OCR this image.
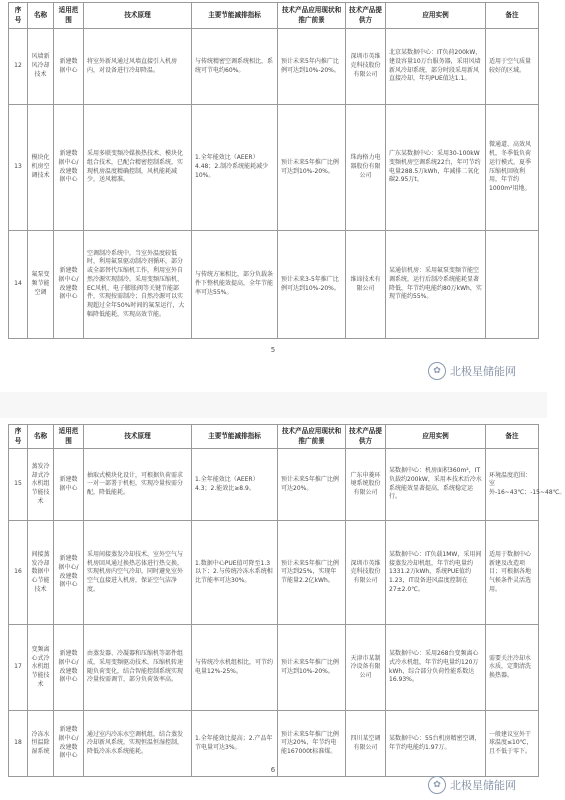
序号	名称	适用范围	技术原理	主要节能减排指标	技术产品应用现状和推广前景	技术产品提供方	应用实例	备注
12	风墙新风冷却技术	新建数据中心	将室外新风通过风墙直接引入机房内，对设备进行冷却降温。	与传统精密空调系统相比，系统可节电约60%。	预计未来5年内推广比例可达到10%-20%。	深圳市英维克科技股份有限公司	北京某数据中心：IT负荷200kW，建设容量10万台服务器，采用风墙新风冷却系统，部分时段采用新风直接冷却，年均PUE值达1.1。	适用于空气质量较好的区域。
13	模块化机房空调技术	新建数据中心/改建数据中心	采用多联变频冷媒换热技术、模块化组合技术，已配合精密控制系统，实现机房温度精确控制，风机能耗减少，送风精准。	1.全年能效比（AEER）4.48；2.制冷系统能耗减少10%。	预计未来5年推广比例可达到10%-20%。	珠海格力电器股份有限公司	广东某数据中心：采用30-100kW变频机房空调系统22台，年可节约电量288.5万kWh，年减排二氧化碳2.95万t。	微通道、高效风机，冬季低负荷运行模式，夏季压缩机回收利用，年节约1000m²用地。
14	氟泵变频节能空调	新建数据中心/改建数据中心	空调制冷系统中，当室外温度较低时，利用氟泵驱动制冷剂循环，部分或全部替代压缩机工作，利用室外自然冷源实现制冷。采用变频压缩机、EC风机、电子膨胀阀等关键节能部件，实现按需制冷；自然冷源可以实现超过全年50%时间的氟泵运行，大幅降低能耗，实现高效节能。	与传统方案相比，部分负载条件下整机能效提高，全年节能率可达55%。	预计未来3-5年推广比例可达到10%-20%。	维谛技术有限公司	某通信机房：采用氟泵变频节能空调系统，运行后制冷系统能耗显著降低，年节约电能约80万kWh，实现节能约55%。	
5
✿ 北极星储能网
序号	名称	适用范围	技术原理	主要节能减排指标	技术产品应用现状和推广前景	技术产品提供方	应用实例	备注
15	蒸发冷却式冷水机组节能技术	新建数据中心	抽取式模块化设计，可根据负荷需求一对一部署于机柜，实现冷量按需分配，降低能耗。	1.全年能效比（AEER）4.3；2.能效比≥8.9。	预计未来5年推广比例可达20%。	广东申菱环境系统股份有限公司	某数据中心：机房面积360m²，IT负载约200kW，采用本技术后冷水系统能效显著提高，系统稳定运行。	环境温度范围：室外-16~43℃；-15~48℃。
16	间接蒸发冷却数据中心节能技术	新建数据中心/改建数据中心	采用间接蒸发冷却技术，室外空气与机房回风通过换热芯体进行热交换，实现机房内空气冷却，同时避免室外空气直接进入机房，保证空气洁净度。	1.数据中心PUE值可降至1.3以下；2.与传统冷冻水系统相比节能率可达30%。	预计未来5年推广比例可达到25%，实现年节能量2.2亿kWh。	深圳市英维克科技股份有限公司	某数据中心：IT负载1MW，采用间接蒸发冷却机组，年节约电量约1331.2万kWh，系统PUE值约1.23，IT设备进风温度控制在27±2.0℃。	适用于数据中心新建及改造项目；可根据各地气候条件灵活选用。
17	变频离心式冷水机组节能技术	新建数据中心/改建数据中心	由蒸发器、冷凝器和压缩机等部件组成，采用变频驱动技术，压缩机转速随负荷变化，结合智能控制系统实现冷量按需调节，部分负荷效率高。	与传统冷水机组相比，可节约电量12%-25%。	预计未来5年推广比例可达到10%-20%。	天津市某制冷设备有限公司	某数据中心：采用268台变频离心式冷水机组，年节约电量约120万kWh，综合部分负荷性能系数达16.93%。	需要关注冷却水水质，定期清洗换热器。
18	冷冻水恒温除湿系统	新建数据中心/改建数据中心	通过室内冷冻水空调机组，结合蒸发冷却新风系统，实现恒温恒湿控制，降低冷冻水系统能耗。	1.全年能效比提高；2.产品年节电量可达3%。	预计未来5年推广比例可达20%，年节约电能167000t标准煤。	四川某空调有限公司	某数据中心：55台机房精密空调，年节约电能约1.97万。	一般建议室外干球温度≤10℃，且不低于零下。
6
✿ 北极星储能网
